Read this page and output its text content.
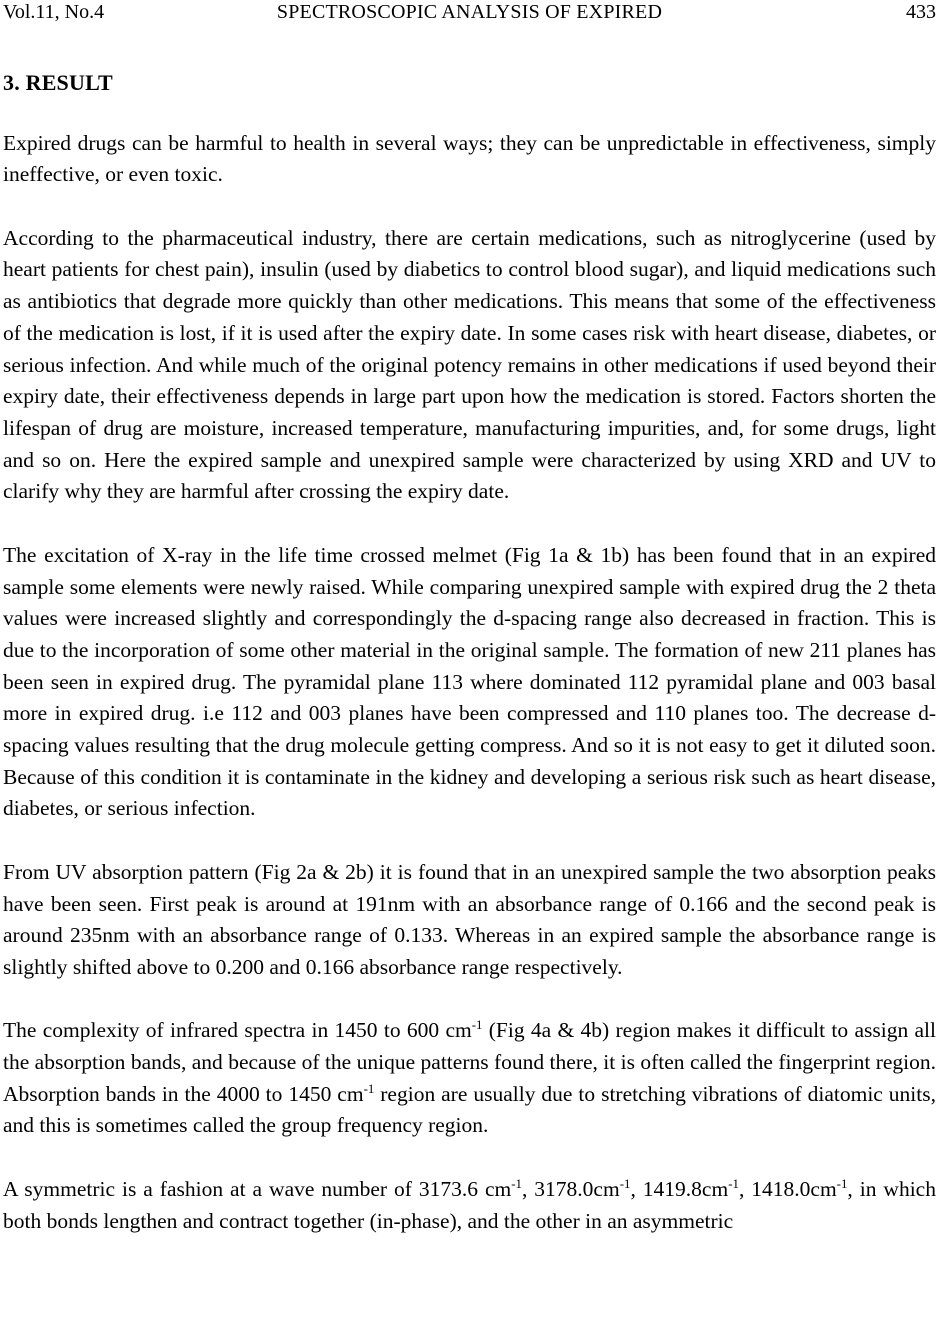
Vol.11, No.4	SPECTROSCOPIC ANALYSIS OF EXPIRED	433
3. RESULT

Expired drugs can be harmful to health in several ways; they can be unpredictable in effectiveness, simply ineffective, or even toxic.

According to the pharmaceutical industry, there are certain medications, such as nitroglycerine (used by heart patients for chest pain), insulin (used by diabetics to control blood sugar), and liquid medications such as antibiotics that degrade more quickly than other medications. This means that some of the effectiveness of the medication is lost, if it is used after the expiry date. In some cases risk with heart disease, diabetes, or serious infection. And while much of the original potency remains in other medications if used beyond their expiry date, their effectiveness depends in large part upon how the medication is stored. Factors shorten the lifespan of drug are moisture, increased temperature, manufacturing impurities, and, for some drugs, light and so on. Here the expired sample and unexpired sample were characterized by using XRD and UV to clarify why they are harmful after crossing the expiry date.

The excitation of X-ray in the life time crossed melmet (Fig 1a & 1b) has been found that in an expired sample some elements were newly raised. While comparing unexpired sample with expired drug the 2 theta values were increased slightly and correspondingly the d-spacing range also decreased in fraction. This is due to the incorporation of some other material in the original sample. The formation of new 211 planes has been seen in expired drug. The pyramidal plane 113 where dominated 112 pyramidal plane and 003 basal more in expired drug. i.e 112 and 003 planes have been compressed and 110 planes too. The decrease d-spacing values resulting that the drug molecule getting compress. And so it is not easy to get it diluted soon. Because of this condition it is contaminate in the kidney and developing a serious risk such as heart disease, diabetes, or serious infection.

From UV absorption pattern (Fig 2a & 2b) it is found that in an unexpired sample the two absorption peaks have been seen. First peak is around at 191nm with an absorbance range of 0.166 and the second peak is around 235nm with an absorbance range of 0.133. Whereas in an expired sample the absorbance range is slightly shifted above to 0.200 and 0.166 absorbance range respectively.

The complexity of infrared spectra in 1450 to 600 $cm^{-1}$ (Fig 4a & 4b) region makes it difficult to assign all the absorption bands, and because of the unique patterns found there, it is often called the fingerprint region. Absorption bands in the 4000 to 1450 $cm^{-1}$ region are usually due to stretching vibrations of diatomic units, and this is sometimes called the group frequency region.

A symmetric is a fashion at a wave number of 3173.6 $cm^{-1}$, $3178.0cm^{-1}$, $1419.8cm^{-1}$, $1418.0cm^{-1}$, in which both bonds lengthen and contract together (in-phase), and the other in an asymmetric
